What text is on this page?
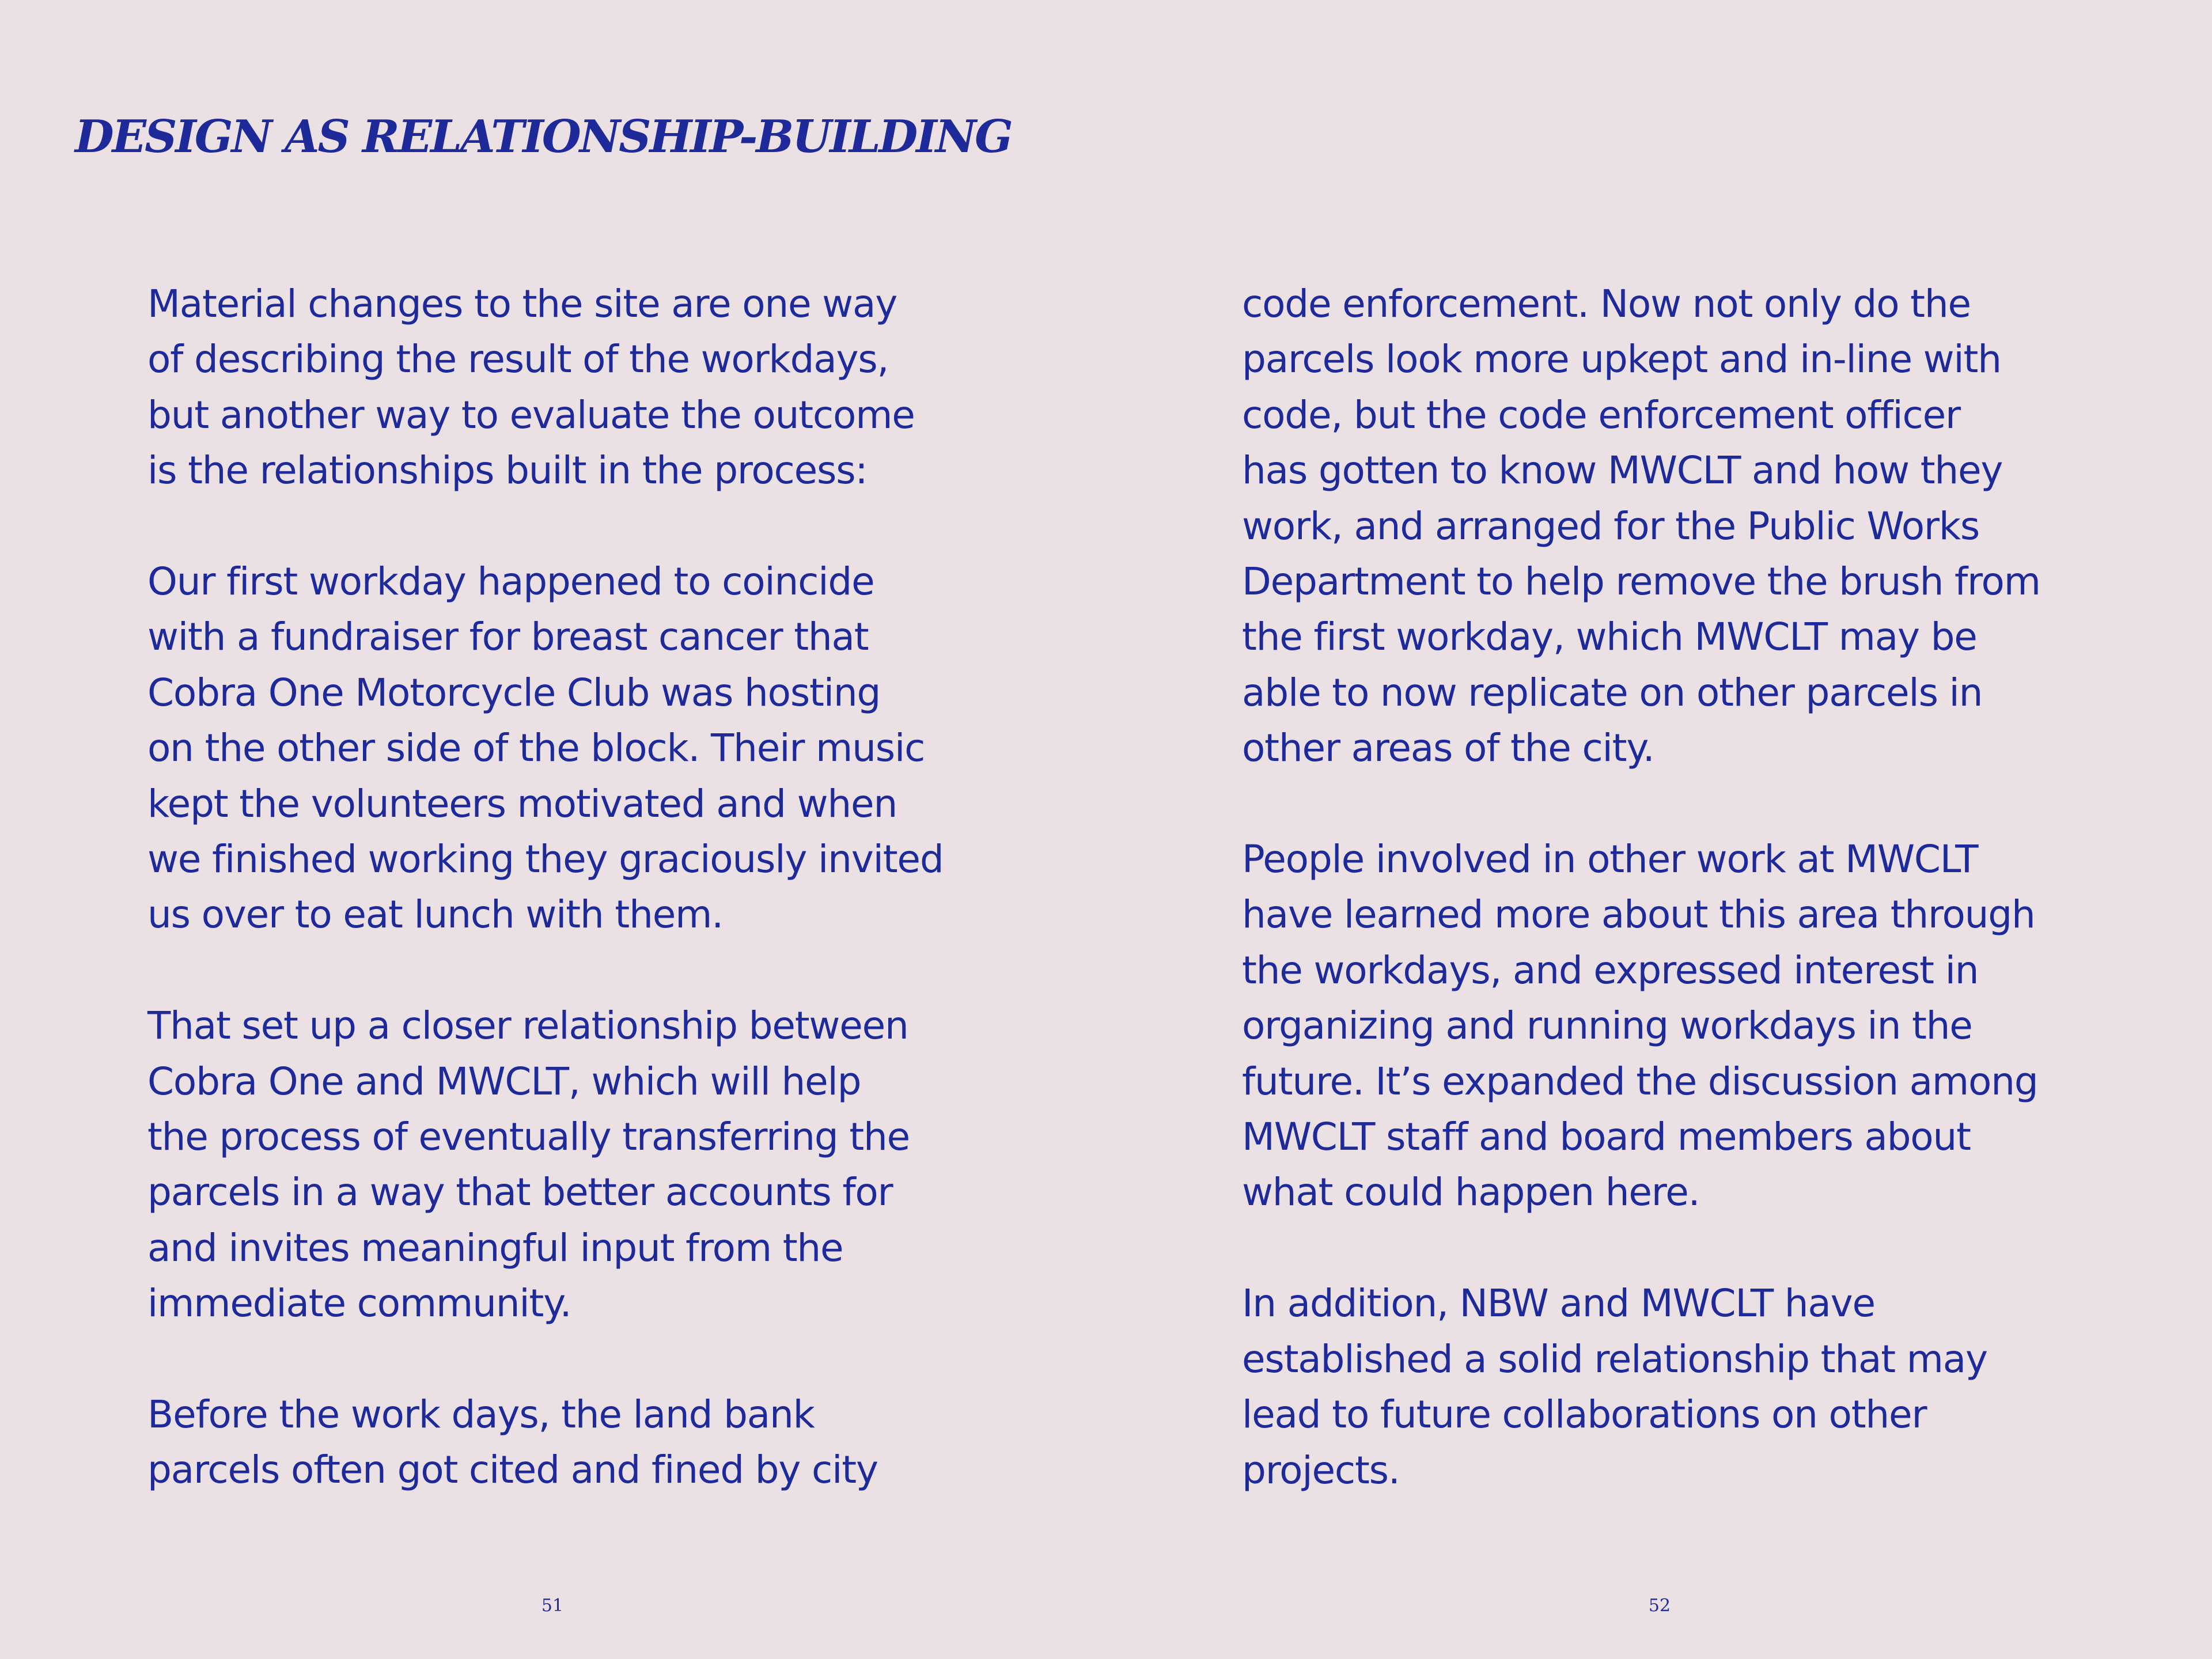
DESIGN AS RELATIONSHIP-BUILDING

Material changes to the site are one way
of describing the result of the workdays,
but another way to evaluate the outcome
is the relationships built in the process:

Our first workday happened to coincide
with a fundraiser for breast cancer that
Cobra One Motorcycle Club was hosting
on the other side of the block. Their music
kept the volunteers motivated and when
we finished working they graciously invited
us over to eat lunch with them.

That set up a closer relationship between
Cobra One and MWCLT, which will help
the process of eventually transferring the
parcels in a way that better accounts for
and invites meaningful input from the
immediate community.

Before the work days, the land bank
parcels often got cited and fined by city

code enforcement. Now not only do the
parcels look more upkept and in-line with
code, but the code enforcement officer
has gotten to know MWCLT and how they
work, and arranged for the Public Works
Department to help remove the brush from
the first workday, which MWCLT may be
able to now replicate on other parcels in
other areas of the city.

People involved in other work at MWCLT
have learned more about this area through
the workdays, and expressed interest in
organizing and running workdays in the
future. It’s expanded the discussion among
MWCLT staff and board members about
what could happen here.

In addition, NBW and MWCLT have
established a solid relationship that may
lead to future collaborations on other
projects.

51	52
